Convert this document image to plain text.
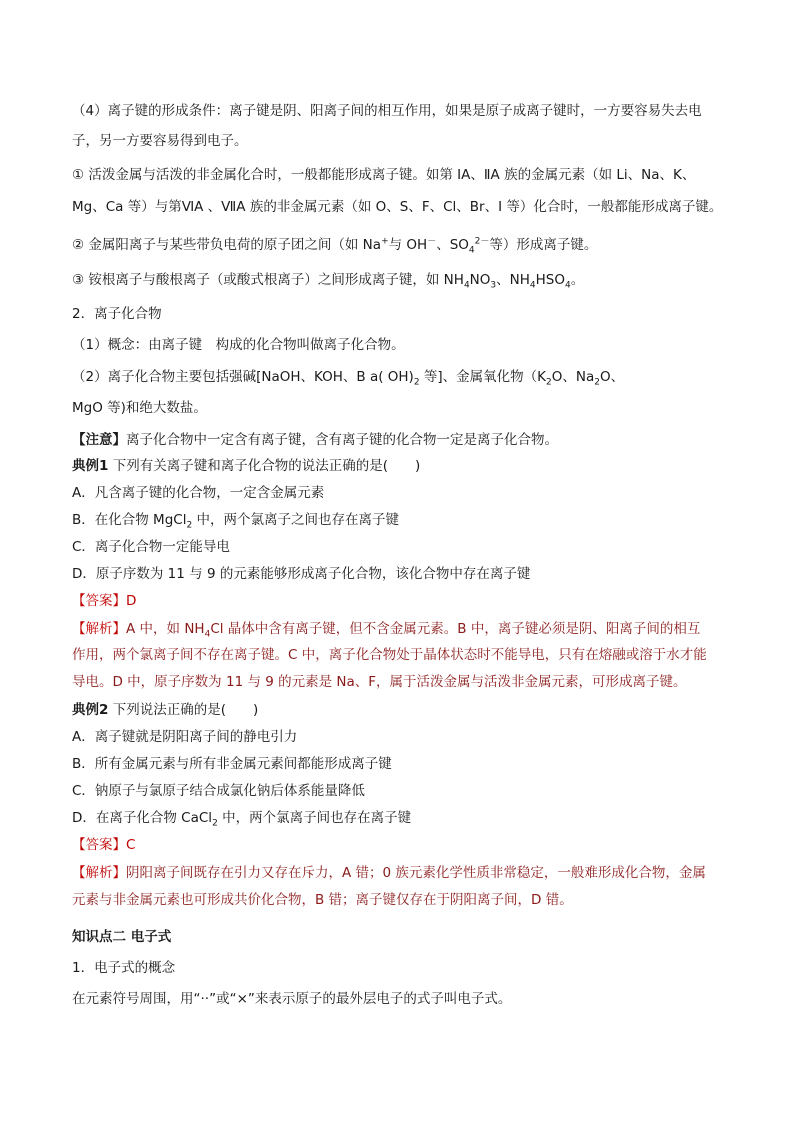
（4）离子键的形成条件：离子键是阴、阳离子间的相互作用，如果是原子成离子键时，一方要容易失去电
子，另一方要容易得到电子。
① 活泼金属与活泼的非金属化合时，一般都能形成离子键。如第 IA、ⅡA 族的金属元素（如 Li、Na、K、
Mg、Ca 等）与第ⅥA 、ⅦA 族的非金属元素（如 O、S、F、Cl、Br、I 等）化合时，一般都能形成离子键。
② 金属阳离子与某些带负电荷的原子团之间（如 Na+与 OH－、$SO_4^{2-}$等）形成离子键。
③ 铵根离子与酸根离子（或酸式根离子）之间形成离子键，如 $NH_4NO_3$、$NH_4HSO_4$。
2．离子化合物
（1）概念：由离子键　构成的化合物叫做离子化合物。
（2）离子化合物主要包括强碱[NaOH、KOH、B a( $OH)_2$ 等]、金属氧化物（$K_2O$、$Na_2O$、
MgO 等)和绝大数盐。
【注意】离子化合物中一定含有离子键，含有离子键的化合物一定是离子化合物。
典例1 下列有关离子键和离子化合物的说法正确的是(　　)
A．凡含离子键的化合物，一定含金属元素
B．在化合物 MgCl$_2$ 中，两个氯离子之间也存在离子键
C．离子化合物一定能导电
D．原子序数为 11 与 9 的元素能够形成离子化合物，该化合物中存在离子键
【答案】D
【解析】A 中，如 $NH_4Cl$ 晶体中含有离子键，但不含金属元素。B 中，离子键必须是阴、阳离子间的相互
作用，两个氯离子间不存在离子键。C 中，离子化合物处于晶体状态时不能导电，只有在熔融或溶于水才能
导电。D 中，原子序数为 11 与 9 的元素是 Na、F，属于活泼金属与活泼非金属元素，可形成离子键。
典例2 下列说法正确的是(　　)
A．离子键就是阴阳离子间的静电引力
B．所有金属元素与所有非金属元素间都能形成离子键
C．钠原子与氯原子结合成氯化钠后体系能量降低
D．在离子化合物 CaCl$_2$ 中，两个氯离子间也存在离子键
【答案】C
【解析】阴阳离子间既存在引力又存在斥力，A 错；0 族元素化学性质非常稳定，一般难形成化合物，金属
元素与非金属元素也可形成共价化合物，B 错；离子键仅存在于阴阳离子间，D 错。
知识点二 电子式
1．电子式的概念
在元素符号周围，用“··”或“×”来表示原子的最外层电子的式子叫电子式。
